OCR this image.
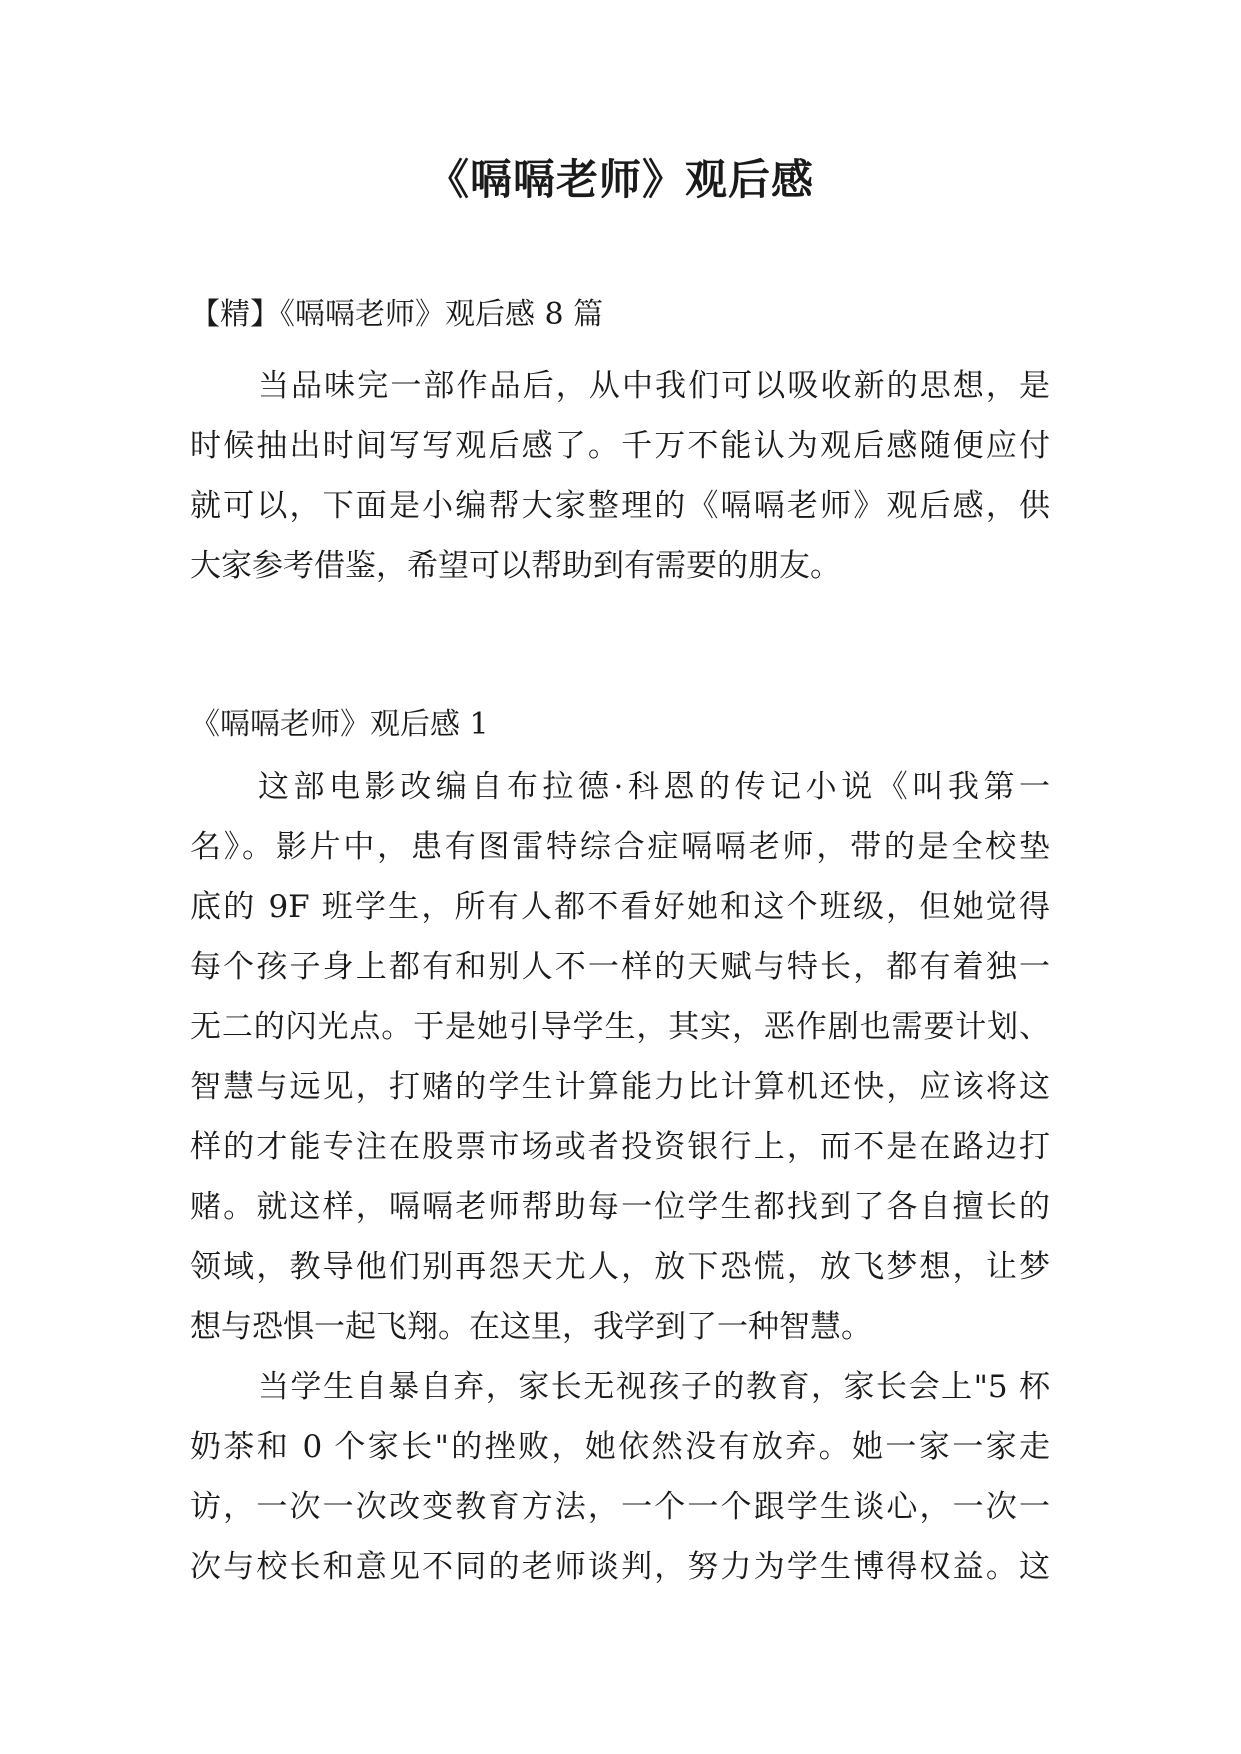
《嗝嗝老师》观后感
【精】《嗝嗝老师》观后感 8 篇
当品味完一部作品后，从中我们可以吸收新的思想，是
时候抽出时间写写观后感了。千万不能认为观后感随便应付
就可以，下面是小编帮大家整理的《嗝嗝老师》观后感，供
大家参考借鉴，希望可以帮助到有需要的朋友。
《嗝嗝老师》观后感 1
这部电影改编自布拉德·科恩的传记小说《叫我第一
名》。影片中，患有图雷特综合症嗝嗝老师，带的是全校垫
底的 9F 班学生，所有人都不看好她和这个班级，但她觉得
每个孩子身上都有和别人不一样的天赋与特长，都有着独一
无二的闪光点。于是她引导学生，其实，恶作剧也需要计划、
智慧与远见，打赌的学生计算能力比计算机还快，应该将这
样的才能专注在股票市场或者投资银行上，而不是在路边打
赌。就这样，嗝嗝老师帮助每一位学生都找到了各自擅长的
领域，教导他们别再怨天尤人，放下恐慌，放飞梦想，让梦
想与恐惧一起飞翔。在这里，我学到了一种智慧。
当学生自暴自弃，家长无视孩子的教育，家长会上"5 杯
奶茶和 0 个家长"的挫败，她依然没有放弃。她一家一家走
访，一次一次改变教育方法，一个一个跟学生谈心，一次一
次与校长和意见不同的老师谈判，努力为学生博得权益。这
